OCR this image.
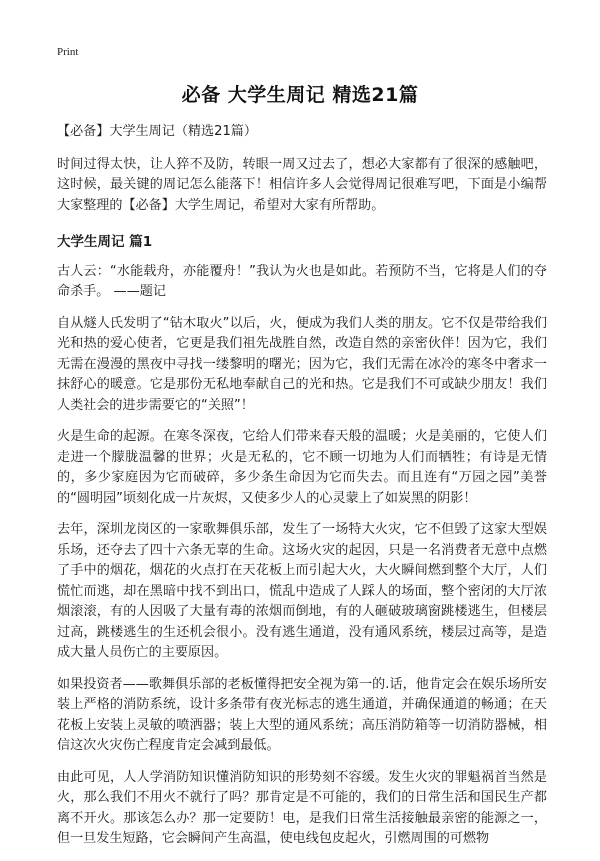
Print
必备 大学生周记 精选21篇

【必备】大学生周记（精选21篇）

时间过得太快，让人猝不及防，转眼一周又过去了，想必大家都有了很深的感触吧，这时候，最关键的周记怎么能落下！相信许多人会觉得周记很难写吧，下面是小编帮大家整理的【必备】大学生周记，希望对大家有所帮助。

大学生周记 篇1

古人云：“水能载舟，亦能覆舟！”我认为火也是如此。若预防不当，它将是人们的夺命杀手。 ——题记

自从燧人氏发明了“钻木取火”以后，火，便成为我们人类的朋友。它不仅是带给我们光和热的爱心使者，它更是我们祖先战胜自然，改造自然的亲密伙伴！因为它，我们无需在漫漫的黑夜中寻找一缕黎明的曙光；因为它，我们无需在冰冷的寒冬中奢求一抹舒心的暖意。它是那份无私地奉献自己的光和热。它是我们不可或缺少朋友！我们人类社会的进步需要它的“关照”！

火是生命的起源。在寒冬深夜，它给人们带来春天般的温暖；火是美丽的，它使人们走进一个朦胧温馨的世界；火是无私的，它不顾一切地为人们而牺牲；有诗是无情的，多少家庭因为它而破碎，多少条生命因为它而失去。而且连有“万园之园”美誉的“圆明园”顷刻化成一片灰烬，又使多少人的心灵蒙上了如炭黑的阴影！

去年，深圳龙岗区的一家歌舞俱乐部，发生了一场特大火灾，它不但毁了这家大型娱乐场，还夺去了四十六条无辜的生命。这场火灾的起因，只是一名消费者无意中点燃了手中的烟花，烟花的火点打在天花板上而引起大火，大火瞬间燃到整个大厅，人们慌忙而逃，却在黑暗中找不到出口，慌乱中造成了人踩人的场面，整个密闭的大厅浓烟滚滚，有的人因吸了大量有毒的浓烟而倒地，有的人砸破玻璃窗跳楼逃生，但楼层过高，跳楼逃生的生还机会很小。没有逃生通道，没有通风系统，楼层过高等，是造成大量人员伤亡的主要原因。

如果投资者——歌舞俱乐部的老板懂得把安全视为第一的.话，他肯定会在娱乐场所安装上严格的消防系统，设计多条带有夜光标志的逃生通道，并确保通道的畅通；在天花板上安装上灵敏的喷洒器；装上大型的通风系统；高压消防箱等一切消防器械，相信这次火灾伤亡程度肯定会减到最低。

由此可见，人人学消防知识懂消防知识的形势刻不容缓。发生火灾的罪魁祸首当然是火，那么我们不用火不就行了吗？那肯定是不可能的，我们的日常生活和国民生产都离不开火。那该怎么办？那一定要防！电，是我们日常生活接触最亲密的能源之一，但一旦发生短路，它会瞬间产生高温，使电线包皮起火，引燃周围的可燃物
